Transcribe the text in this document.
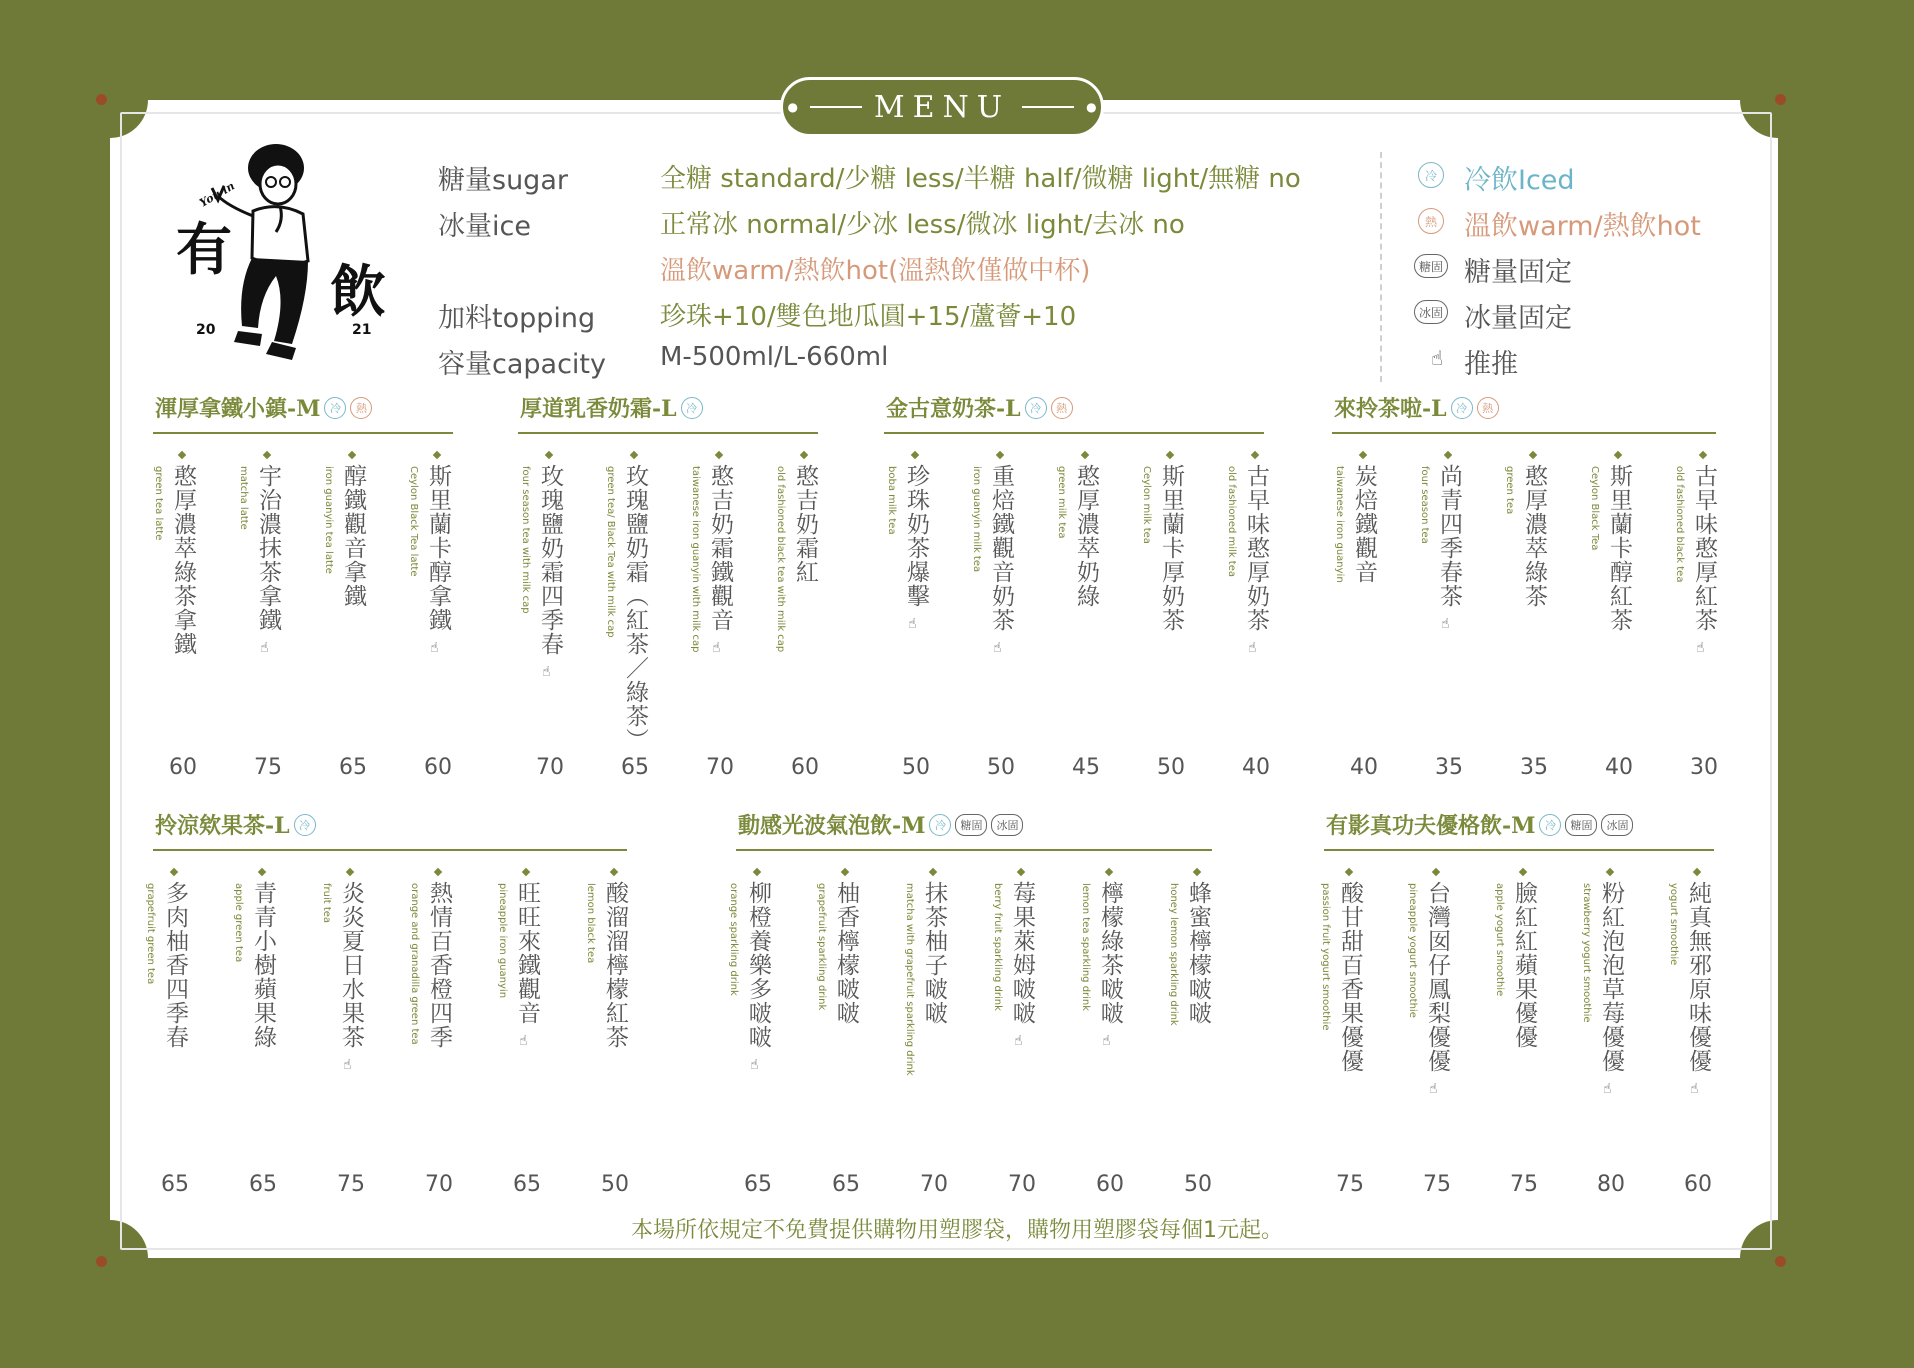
●	MENU	●
有
飲
20	21
You in	糖量sugar	全糖 standard/少糖 less/半糖 half/微糖 light/無糖 no
冰量ice	正常冰 normal/少冰 less/微冰 light/去冰 no
溫飲warm/熱飲hot(溫熱飲僅做中杯)
加料topping 珍珠+10/雙色地瓜圓+15/蘆薈+10
容量capacity M-500ml/L-660ml
冷 冷飲Iced
熱 溫飲warm/熱飲hot
糖固 糖量固定
冰固 冰量固定
☝ 推推
渾厚拿鐵小鎮-M 冷	熱
憨厚濃萃綠茶拿鐵
green tea latte
60
宇治濃抹茶拿鐵
matcha latte
☝
75
醇鐵觀音拿鐵
iron guanyin tea latte
65
斯里蘭卡醇拿鐵
Ceylon Black Tea latte
☝
60
厚道乳香奶霜-L 冷
玫瑰鹽奶霜四季春
four season tea with milk cap
☝
70
玫瑰鹽奶霜（紅茶／綠茶）
green tea/ Black Tea with milk cap
65
憨吉奶霜鐵觀音
taiwanese iron guanyin with milk cap ☝
70
憨吉奶霜紅
old fashioned black tea with milk cap
60
金古意奶茶-L 冷	熱
珍珠奶茶爆擊
boba milk tea
☝
50
重焙鐵觀音奶茶
iron guanyin milk tea
☝
50
憨厚濃萃奶綠
green milk tea
45
斯里蘭卡厚奶茶
Ceylon milk tea
50
古早味憨厚奶茶
old fashioned milk tea
☝
40
來拎茶啦-L 冷	熱
炭焙鐵觀音
taiwanese iron guanyin
40
尚青四季春茶
four season tea
☝
35
憨厚濃萃綠茶
green tea
35
斯里蘭卡醇紅茶
Ceylon Black Tea
40
古早味憨厚紅茶
old fashioned black tea
☝
30
拎涼欸果茶-L 冷
多肉柚香四季春
grapefruit green tea
65
青青小樹蘋果綠
apple green tea
65
炎炎夏日水果茶
fruit tea
☝
75
熱情百香橙四季
orange and granadilla green tea
70
旺旺來鐵觀音
pineapple iron guanyin
☝
65
酸溜溜檸檬紅茶
lemon black tea
50
動感光波氣泡飲-M 冷	糖固	冰固
柳橙養樂多啵啵
orange sparkling drink
☝
65
柚香檸檬啵啵
grapefruit sparkling drink
65
抹茶柚子啵啵
matcha with grapefruit sparkling drink
70
莓果萊姆啵啵
berry fruit sparkling drink
☝
70
檸檬綠茶啵啵
lemon tea sparkling drink
☝
60
蜂蜜檸檬啵啵
honey lemon sparkling drink
50
有影真功夫優格飲-M 冷	糖固	冰固
酸甘甜百香果優優
passion fruit yogurt smoothie
75
台灣囡仔鳳梨優優
pineapple yogurt smoothie
☝
75
臉紅紅蘋果優優
apple yogurt smoothie
75
粉紅泡泡草莓優優
strawberry yogurt smoothie
☝
80
純真無邪原味優優
yogurt smoothie
☝
60
本場所依規定不免費提供購物用塑膠袋，購物用塑膠袋每個1元起。
